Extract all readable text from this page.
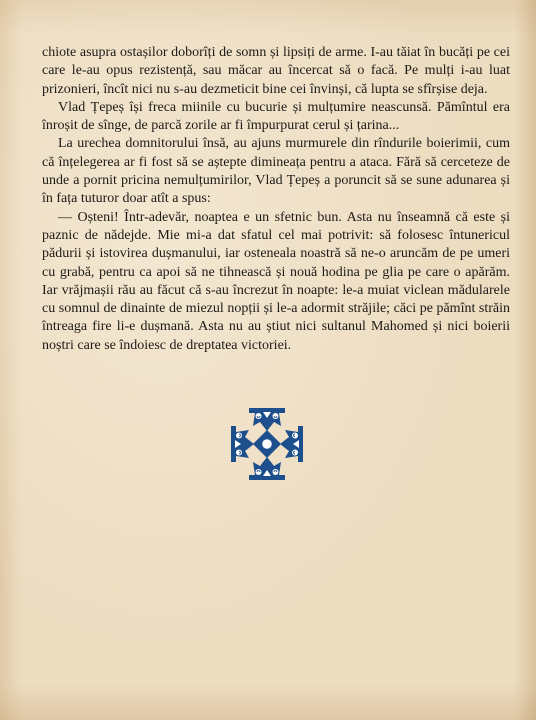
chiote asupra ostașilor doborîți de somn și lipsiți de arme. I-au tăiat în bucăți pe cei care le-au opus rezistență, sau măcar au încercat să o facă. Pe mulți i-au luat prizonieri, încît nici nu s-au dezmeticit bine cei învinși, că lupta se sfîrșise deja.

Vlad Țepeș își freca miinile cu bucurie și mulțumire neascunsă. Pămîntul era înroșit de sînge, de parcă zorile ar fi împurpurat cerul și țarina...

La urechea domnitorului însă, au ajuns murmurele din rîndurile boierimii, cum că înțelegerea ar fi fost să se aștepte dimineața pentru a ataca. Fără să cerceteze de unde a pornit pricina nemulțumirilor, Vlad Țepeș a poruncit să se sune adunarea și în fața tuturor doar atît a spus:

— Oșteni! Într-adevăr, noaptea e un sfetnic bun. Asta nu înseamnă că este și paznic de nădejde. Mie mi-a dat sfatul cel mai potrivit: să folosesc întunericul pădurii și istovirea dușmanului, iar osteneala noastră să ne-o aruncăm de pe umeri cu grabă, pentru ca apoi să ne tihnească și nouă hodina pe glia pe care o apărăm. Iar vrăjmașii rău au făcut că s-au încrezut în noapte: le-a muiat viclean mădularele cu somnul de dinainte de miezul nopții și le-a adormit străjile; căci pe pămînt străin întreaga fire li-e dușmană. Asta nu au știut nici sultanul Mahomed și nici boierii noștri care se îndoiesc de dreptatea victoriei.
